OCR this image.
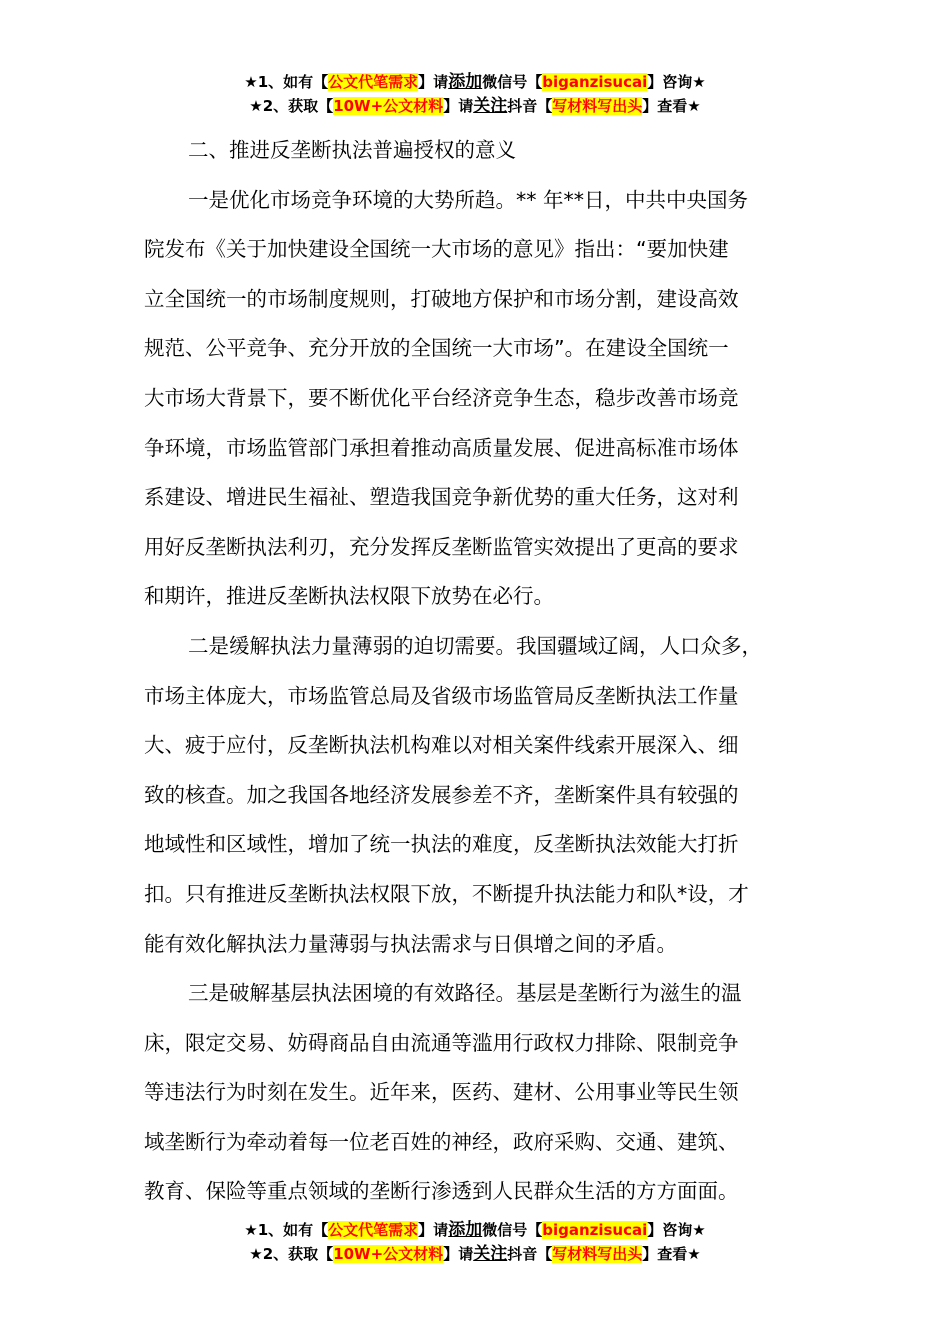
★1、如有【公文代笔需求】请添加微信号【biganzisucai】咨询★
★2、获取【10W+公文材料】请关注抖音【写材料写出头】查看★
二、推进反垄断执法普遍授权的意义
一是优化市场竞争环境的大势所趋。** 年**日，中共中央国务
院发布《关于加快建设全国统一大市场的意见》指出：“要加快建
立全国统一的市场制度规则，打破地方保护和市场分割，建设高效
规范、公平竞争、充分开放的全国统一大市场”。在建设全国统一
大市场大背景下，要不断优化平台经济竞争生态，稳步改善市场竞
争环境，市场监管部门承担着推动高质量发展、促进高标准市场体
系建设、增进民生福祉、塑造我国竞争新优势的重大任务，这对利
用好反垄断执法利刃，充分发挥反垄断监管实效提出了更高的要求
和期许，推进反垄断执法权限下放势在必行。
二是缓解执法力量薄弱的迫切需要。我国疆域辽阔，人口众多，
市场主体庞大，市场监管总局及省级市场监管局反垄断执法工作量
大、疲于应付，反垄断执法机构难以对相关案件线索开展深入、细
致的核查。加之我国各地经济发展参差不齐，垄断案件具有较强的
地域性和区域性，增加了统一执法的难度，反垄断执法效能大打折
扣。只有推进反垄断执法权限下放，不断提升执法能力和队*设，才
能有效化解执法力量薄弱与执法需求与日俱增之间的矛盾。
三是破解基层执法困境的有效路径。基层是垄断行为滋生的温
床，限定交易、妨碍商品自由流通等滥用行政权力排除、限制竞争
等违法行为时刻在发生。近年来，医药、建材、公用事业等民生领
域垄断行为牵动着每一位老百姓的神经，政府采购、交通、建筑、
教育、保险等重点领域的垄断行渗透到人民群众生活的方方面面。
★1、如有【公文代笔需求】请添加微信号【biganzisucai】咨询★
★2、获取【10W+公文材料】请关注抖音【写材料写出头】查看★
